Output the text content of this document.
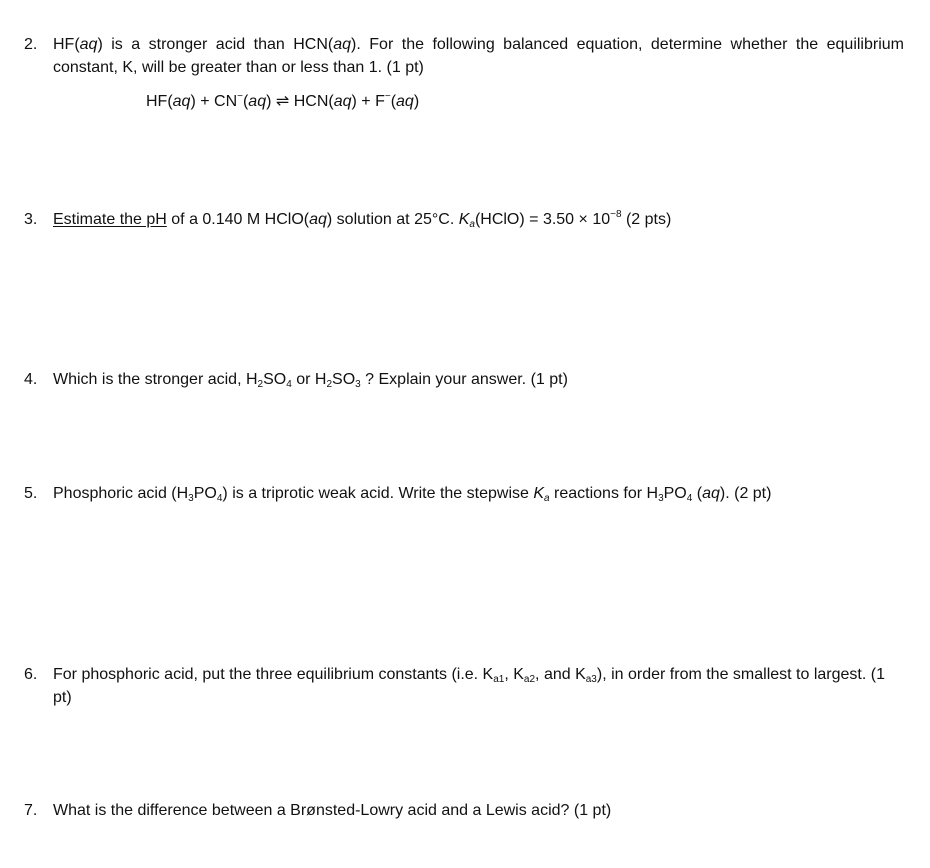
2. HF(aq) is a stronger acid than HCN(aq). For the following balanced equation, determine whether the equilibrium constant, K, will be greater than or less than 1. (1 pt)
HF(aq) + CN−(aq) ⇌ HCN(aq) + F−(aq)
3. Estimate the pH of a 0.140 M HClO(aq) solution at 25°C. $K_a(HClO) = 3.50 \times 10^{-8}$ (2 pts)
4. Which is the stronger acid, $H_2SO_4$ or $H_2SO_3$ ? Explain your answer. (1 pt)
5. Phosphoric acid $(H_3PO_4)$ is a triprotic weak acid. Write the stepwise $K_a$ reactions for $H_3PO_4$ (aq). (2 pt)
6. For phosphoric acid, put the three equilibrium constants (i.e. $K_{a1}$, $K_{a2}$, and $K_{a3}$), in order from the smallest to largest. (1 pt)
7. What is the difference between a Brønsted-Lowry acid and a Lewis acid? (1 pt)
